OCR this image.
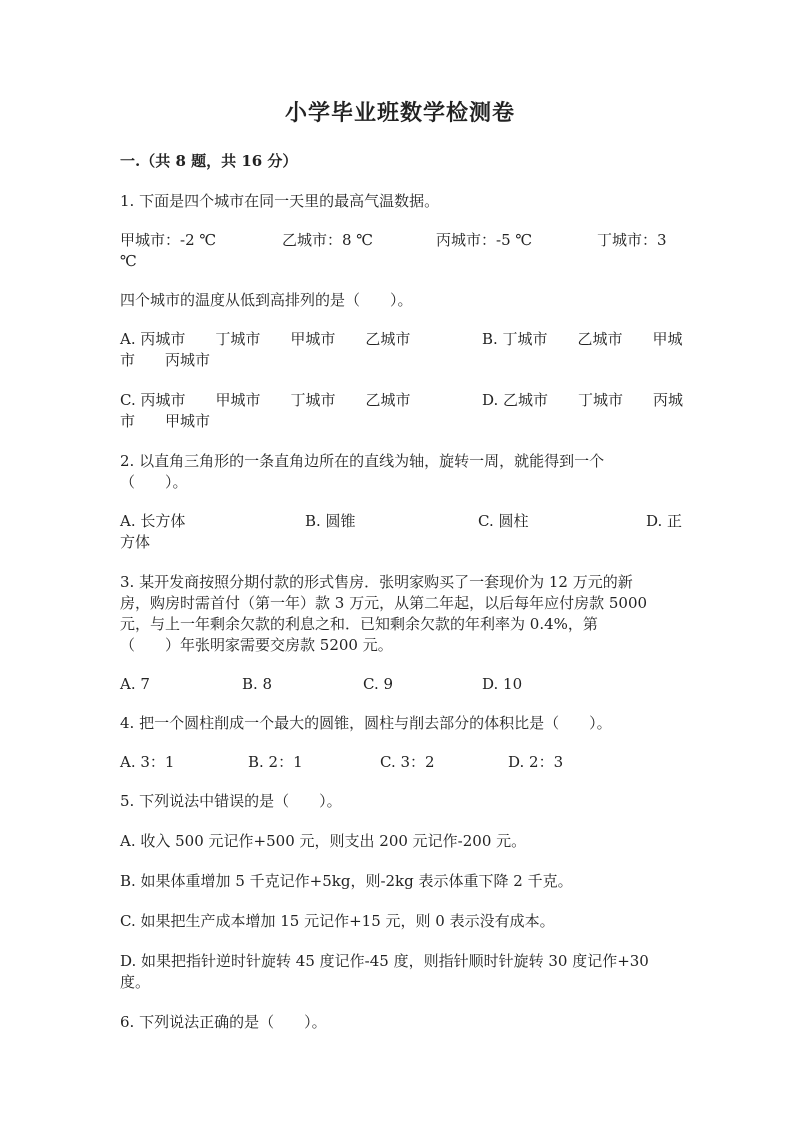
小学毕业班数学检测卷
一.（共 8 题，共 16 分）
1. 下面是四个城市在同一天里的最高气温数据。
甲城市：-2 ℃	乙城市：8 ℃	丙城市：-5 ℃	丁城市：3
℃
四个城市的温度从低到高排列的是（　　）。
A. 丙城市　　丁城市　　甲城市　　乙城市	B. 丁城市　　乙城市　　甲城
市　　丙城市
C. 丙城市　　甲城市　　丁城市　　乙城市	D. 乙城市　　丁城市　　丙城
市　　甲城市
2. 以直角三角形的一条直角边所在的直线为轴，旋转一周，就能得到一个
（　　）。
A. 长方体	B. 圆锥	C. 圆柱	D. 正
方体
3. 某开发商按照分期付款的形式售房．张明家购买了一套现价为 12 万元的新
房，购房时需首付（第一年）款 3 万元，从第二年起，以后每年应付房款 5000
元，与上一年剩余欠款的利息之和．已知剩余欠款的年利率为 0.4%，第
（　　）年张明家需要交房款 5200 元。
A. 7	B. 8	C. 9	D. 10
4. 把一个圆柱削成一个最大的圆锥，圆柱与削去部分的体积比是（　　）。
A. 3：1	B. 2：1	C. 3：2	D. 2：3
5. 下列说法中错误的是（　　）。
A. 收入 500 元记作+500 元，则支出 200 元记作-200 元。
B. 如果体重增加 5 千克记作+5kg，则-2kg 表示体重下降 2 千克。
C. 如果把生产成本增加 15 元记作+15 元，则 0 表示没有成本。
D. 如果把指针逆时针旋转 45 度记作-45 度，则指针顺时针旋转 30 度记作+30
度。
6. 下列说法正确的是（　　）。
